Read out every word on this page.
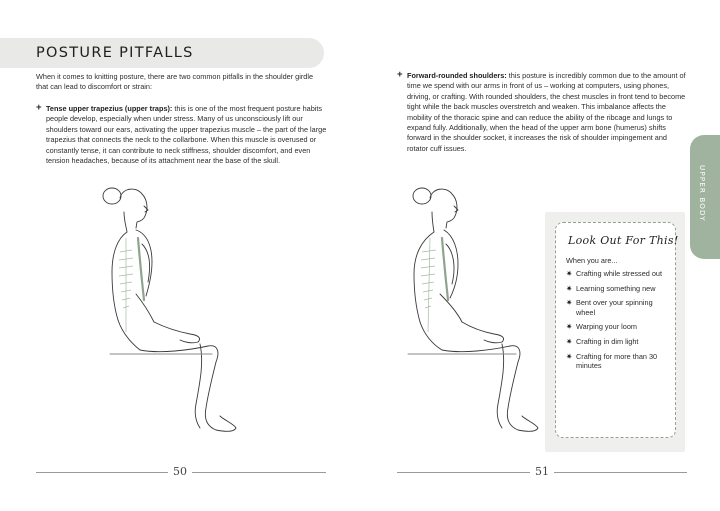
POSTURE PITFALLS

When it comes to knitting posture, there are two common pitfalls in the shoulder girdle that can lead to discomfort or strain:

+ Tense upper trapezius (upper traps): this is one of the most frequent posture habits people develop, especially when under stress. Many of us unconsciously lift our shoulders toward our ears, activating the upper trapezius muscle – the part of the large trapezius that connects the neck to the collarbone. When this muscle is overused or constantly tense, it can contribute to neck stiffness, shoulder discomfort, and even tension headaches, because of its attachment near the base of the skull.

+ Forward-rounded shoulders: this posture is incredibly common due to the amount of time we spend with our arms in front of us – working at computers, using phones, driving, or crafting. With rounded shoulders, the chest muscles in front tend to become tight while the back muscles overstretch and weaken. This imbalance affects the mobility of the thoracic spine and can reduce the ability of the ribcage and lungs to expand fully. Additionally, when the head of the upper arm bone (humerus) shifts forward in the shoulder socket, it increases the risk of shoulder impingement and rotator cuff issues.

UPPER BODY
Look Out For This!
When you are...
✷ Crafting while stressed out
✷ Learning something new
✷ Bent over your spinning wheel
✷ Warping your loom
✷ Crafting in dim light
✷ Crafting for more than 30 minutes
50	51
